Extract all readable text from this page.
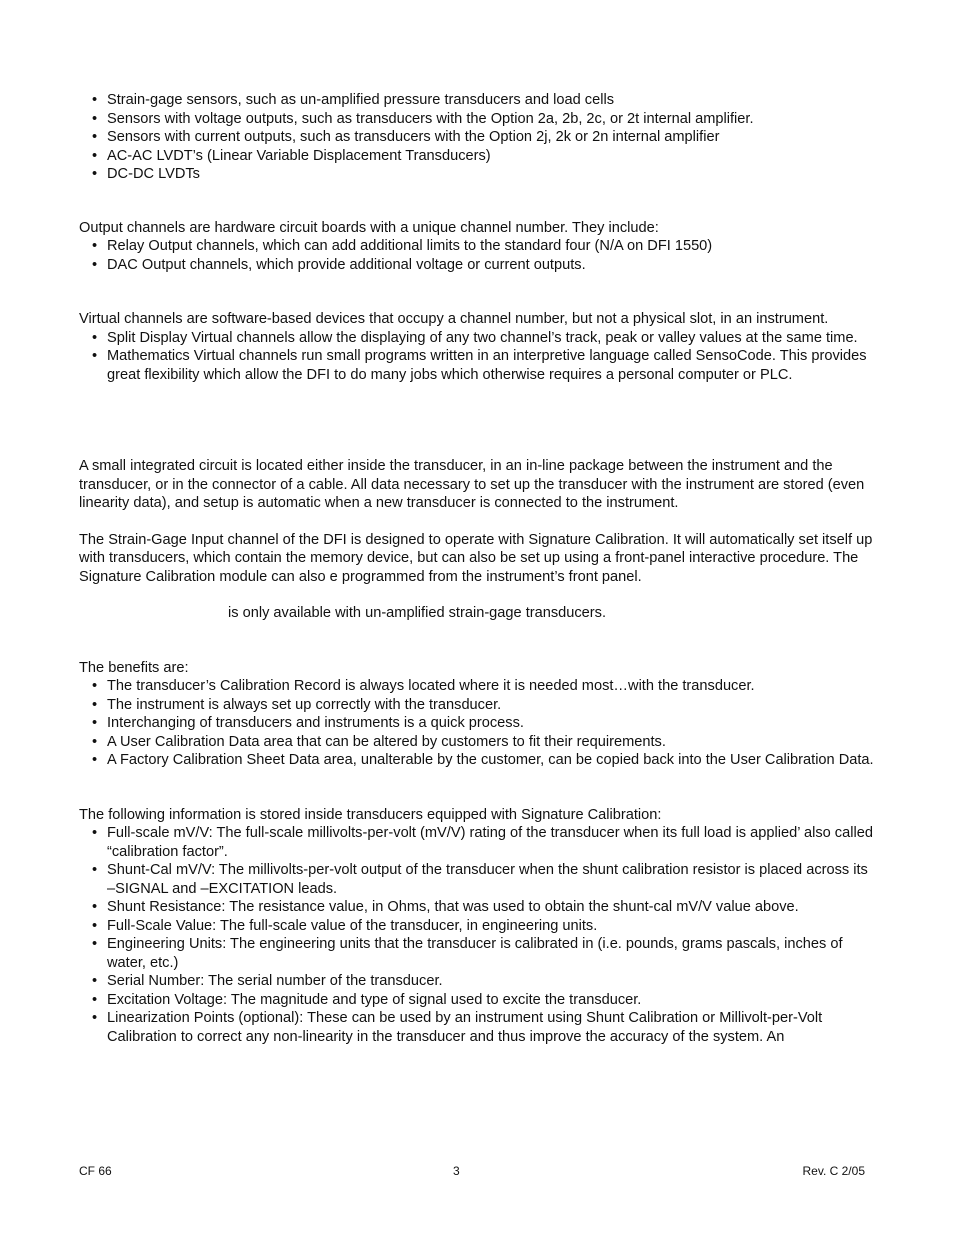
• Strain-gage sensors, such as un-amplified pressure transducers and load cells
• Sensors with voltage outputs, such as transducers with the Option 2a, 2b, 2c, or 2t internal amplifier.
• Sensors with current outputs, such as transducers with the Option 2j, 2k or 2n internal amplifier
• AC-AC LVDT’s (Linear Variable Displacement Transducers)
• DC-DC LVDTs

Output channels are hardware circuit boards with a unique channel number. They include:

• Relay Output channels, which can add additional limits to the standard four (N/A on DFI 1550)
• DAC Output channels, which provide additional voltage or current outputs.

Virtual channels are software-based devices that occupy a channel number, but not a physical slot, in an instrument.

• Split Display Virtual channels allow the displaying of any two channel’s track, peak or valley values at the same time.
• Mathematics Virtual channels run small programs written in an interpretive language called SensoCode. This provides great flexibility which allow the DFI to do many jobs which otherwise requires a personal computer or PLC.

A small integrated circuit is located either inside the transducer, in an in-line package between the instrument and the transducer, or in the connector of a cable. All data necessary to set up the transducer with the instrument are stored (even linearity data), and setup is automatic when a new transducer is connected to the instrument.

The Strain-Gage Input channel of the DFI is designed to operate with Signature Calibration. It will automatically set itself up with transducers, which contain the memory device, but can also be set up using a front-panel interactive procedure. The Signature Calibration module can also e programmed from the instrument’s front panel.

is only available with un-amplified strain-gage transducers.

The benefits are:

• The transducer’s Calibration Record is always located where it is needed most…with the transducer.
• The instrument is always set up correctly with the transducer.
• Interchanging of transducers and instruments is a quick process.
• A User Calibration Data area that can be altered by customers to fit their requirements.
• A Factory Calibration Sheet Data area, unalterable by the customer, can be copied back into the User Calibration Data.

The following information is stored inside transducers equipped with Signature Calibration:

• Full-scale mV/V: The full-scale millivolts-per-volt (mV/V) rating of the transducer when its full load is applied’ also called “calibration factor”.
• Shunt-Cal mV/V: The millivolts-per-volt output of the transducer when the shunt calibration resistor is placed across its –SIGNAL and –EXCITATION leads.
• Shunt Resistance: The resistance value, in Ohms, that was used to obtain the shunt-cal mV/V value above.
• Full-Scale Value: The full-scale value of the transducer, in engineering units.
• Engineering Units: The engineering units that the transducer is calibrated in (i.e. pounds, grams pascals, inches of water, etc.)
• Serial Number: The serial number of the transducer.
• Excitation Voltage: The magnitude and type of signal used to excite the transducer.
• Linearization Points (optional): These can be used by an instrument using Shunt Calibration or Millivolt-per-Volt Calibration to correct any non-linearity in the transducer and thus improve the accuracy of the system. An
CF 66	3	Rev. C 2/05
